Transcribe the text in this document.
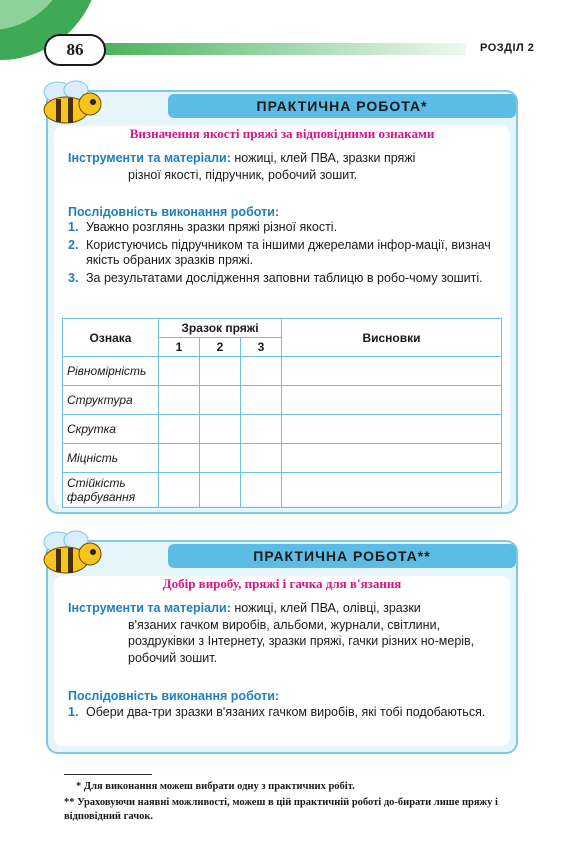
86	РОЗДІЛ 2
ПРАКТИЧНА РОБОТА*
Визначення якості пряжі за відповідними ознаками
Інструменти та матеріали: ножиці, клей ПВА, зразки пряжі
різної якості, підручник, робочий зошит.
Послідовність виконання роботи:
1. Уважно розглянь зразки пряжі різної якості.
2. Користуючись підручником та іншими джерелами інфор-мації, визнач якість обраних зразків пряжі.
3. За результатами дослідження заповни таблицю в робо-чому зошиті.
Ознака	Зразок пряжі			Висновки
	1	2	3	
Рівномірність				
Структура				
Скрутка				
Міцність				
Стійкість фарбування				
ПРАКТИЧНА РОБОТА**
Добір виробу, пряжі і гачка для в'язання
Інструменти та матеріали: ножиці, клей ПВА, олівці, зразки
в'язаних гачком виробів, альбоми, журнали, світлини, роздруківки з Інтернету, зразки пряжі, гачки різних но-мерів, робочий зошит.
Послідовність виконання роботи:
1. Обери два-три зразки в'язаних гачком виробів, які тобі подобаються.
* Для виконання можеш вибрати одну з практичних робіт.
** Ураховуючи наявні можливості, можеш в цій практичній роботі до-бирати лише пряжу і відповідний гачок.
